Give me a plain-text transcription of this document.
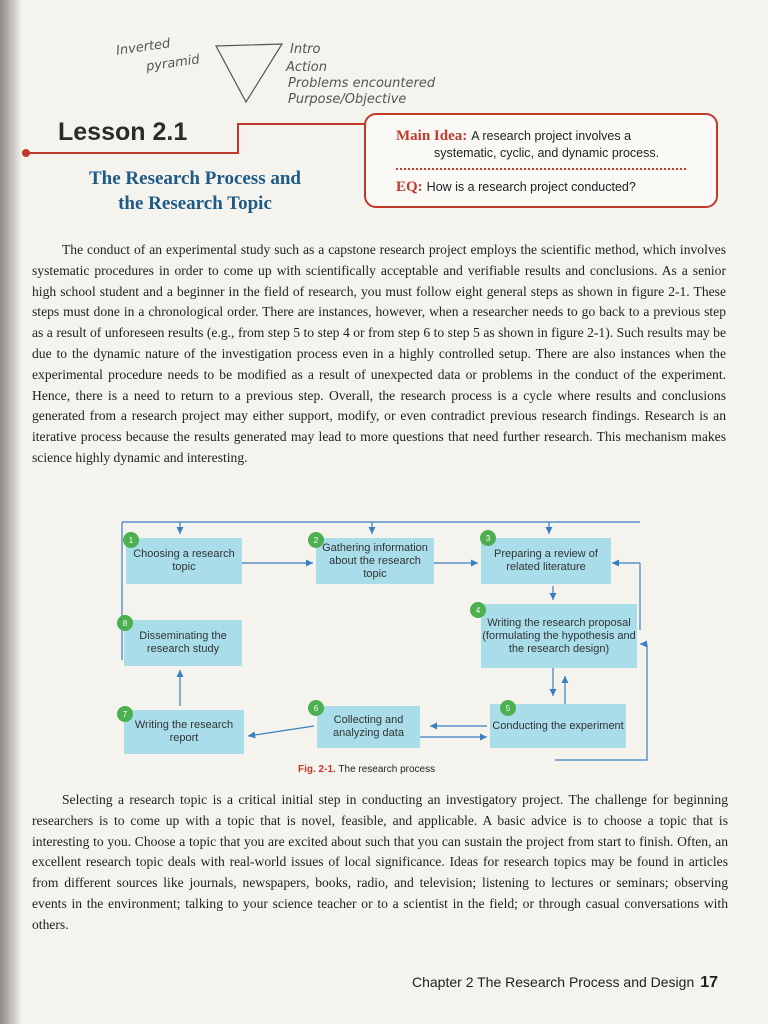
Inverted
pyramid
Intro
Action
Problems encountered
Purpose/Objective
Lesson 2.1
The Research Process and
the Research Topic
Main Idea: A research project involves a
systematic, cyclic, and dynamic process.
EQ: How is a research project conducted?

The conduct of an experimental study such as a capstone research project employs the scientific method, which involves systematic procedures in order to come up with scientifically acceptable and verifiable results and conclusions. As a senior high school student and a beginner in the field of research, you must follow eight general steps as shown in figure 2-1. These steps must done in a chronological order. There are instances, however, when a researcher needs to go back to a previous step as a result of unforeseen results (e.g., from step 5 to step 4 or from step 6 to step 5 as shown in figure 2-1). Such results may be due to the dynamic nature of the investigation process even in a highly controlled setup. There are also instances when the experimental procedure needs to be modified as a result of unexpected data or problems in the conduct of the experiment. Hence, there is a need to return to a previous step. Overall, the research process is a cycle where results and conclusions generated from a research project may either support, modify, or even contradict previous research findings. Research is an iterative process because the results generated may lead to more questions that need further research. This mechanism makes science highly dynamic and interesting.

Choosing a research topic
1
Gathering information about the research topic
2
Preparing a review of related literature
3
Writing the research proposal (formulating the hypothesis and the research design)
4
Conducting the experiment
5
Collecting and analyzing data
6
Writing the research report
7
Disseminating the research study
8
Fig. 2-1. The research process

Selecting a research topic is a critical initial step in conducting an investigatory project. The challenge for beginning researchers is to come up with a topic that is novel, feasible, and applicable. A basic advice is to choose a topic that is interesting to you. Choose a topic that you are excited about such that you can sustain the project from start to finish. Often, an excellent research topic deals with real-world issues of local significance. Ideas for research topics may be found in articles from different sources like journals, newspapers, books, radio, and television; listening to lectures or seminars; observing events in the environment; talking to your science teacher or to a scientist in the field; or through casual conversations with others.

Chapter 2 The Research Process and Design 17
